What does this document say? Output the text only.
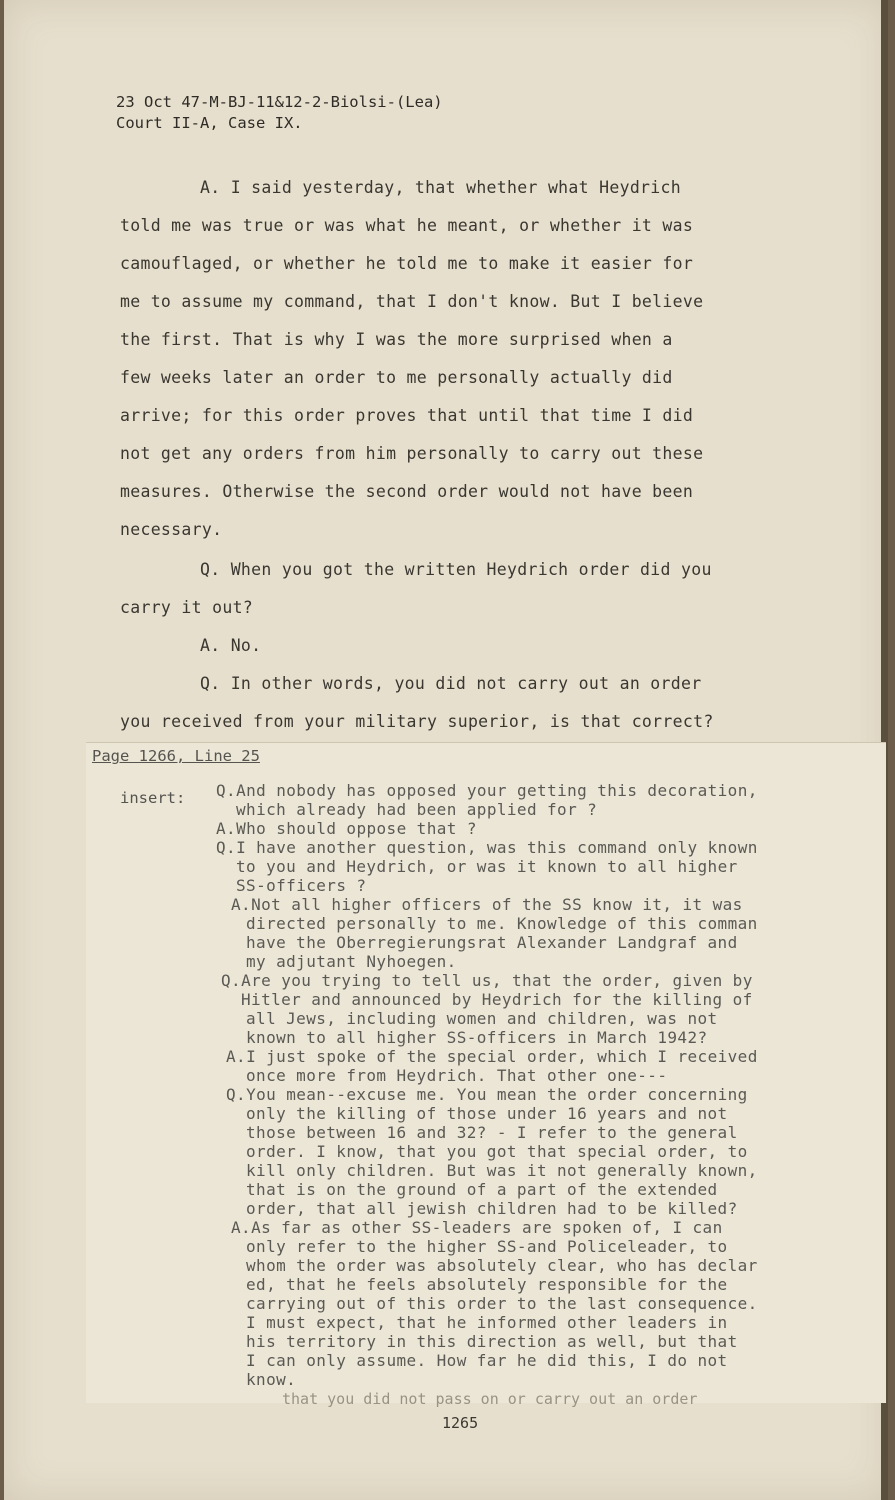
23 Oct 47-M-BJ-11&12-2-Biolsi-(Lea)
Court II-A, Case IX.
A. I said yesterday, that whether what Heydrich
told me was true or was what he meant, or whether it was
camouflaged, or whether he told me to make it easier for
me to assume my command, that I don't know. But I believe
the first. That is why I was the more surprised when a
few weeks later an order to me personally actually did
arrive; for this order proves that until that time I did
not get any orders from him personally to carry out these
measures. Otherwise the second order would not have been
necessary.
Q. When you got the written Heydrich order did you
carry it out?
A. No.
Q. In other words, you did not carry out an order
you received from your military superior, is that correct?
Page 1266, Line 25
insert: Q.And nobody has opposed your getting this decoration,
which already had been applied for ?
A.Who should oppose that ?
Q.I have another question, was this command only known
to you and Heydrich, or was it known to all higher
SS-officers ?
A.Not all higher officers of the SS know it, it was
directed personally to me. Knowledge of this comman
have the Oberregierungsrat Alexander Landgraf and
my adjutant Nyhoegen.
Q.Are you trying to tell us, that the order, given by
Hitler and announced by Heydrich for the killing of
all Jews, including women and children, was not
known to all higher SS-officers in March 1942?
A.I just spoke of the special order, which I received
once more from Heydrich. That other one---
Q.You mean--excuse me. You mean the order concerning
only the killing of those under 16 years and not
those between 16 and 32? - I refer to the general
order. I know, that you got that special order, to
kill only children. But was it not generally known,
that is on the ground of a part of the extended
order, that all jewish children had to be killed?
A.As far as other SS-leaders are spoken of, I can
only refer to the higher SS-and Policeleader, to
whom the order was absolutely clear, who has declar
ed, that he feels absolutely responsible for the
carrying out of this order to the last consequence.
I must expect, that he informed other leaders in
his territory in this direction as well, but that
I can only assume. How far he did this, I do not
know.
that you did not pass on or carry out an order
1265
